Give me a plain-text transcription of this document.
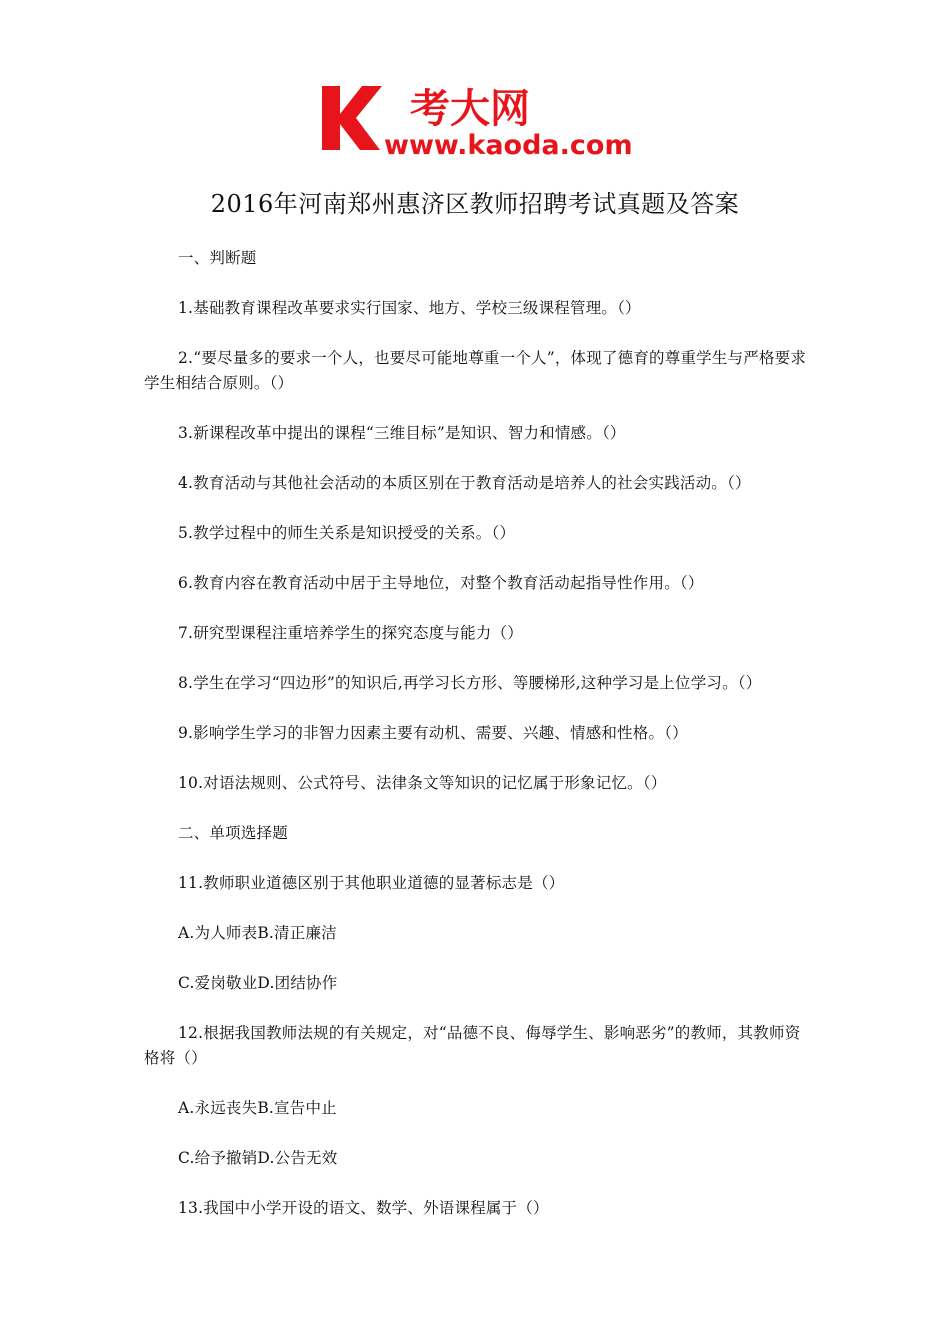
考大网
www.kaoda.com
2016年河南郑州惠济区教师招聘考试真题及答案

一、判断题

1.基础教育课程改革要求实行国家、地方、学校三级课程管理。（）

2.“要尽量多的要求一个人，也要尽可能地尊重一个人”，体现了德育的尊重学生与严格要求学生相结合原则。（）

3.新课程改革中提出的课程“三维目标”是知识、智力和情感。（）

4.教育活动与其他社会活动的本质区别在于教育活动是培养人的社会实践活动。（）

5.教学过程中的师生关系是知识授受的关系。（）

6.教育内容在教育活动中居于主导地位，对整个教育活动起指导性作用。（）

7.研究型课程注重培养学生的探究态度与能力（）

8.学生在学习“四边形”的知识后,再学习长方形、等腰梯形,这种学习是上位学习。（）

9.影响学生学习的非智力因素主要有动机、需要、兴趣、情感和性格。（）

10.对语法规则、公式符号、法律条文等知识的记忆属于形象记忆。（）

二、单项选择题

11.教师职业道德区别于其他职业道德的显著标志是（）

A.为人师表B.清正廉洁

C.爱岗敬业D.团结协作

12.根据我国教师法规的有关规定，对“品德不良、侮辱学生、影响恶劣”的教师，其教师资格将（）

A.永远丧失B.宣告中止

C.给予撤销D.公告无效

13.我国中小学开设的语文、数学、外语课程属于（）
